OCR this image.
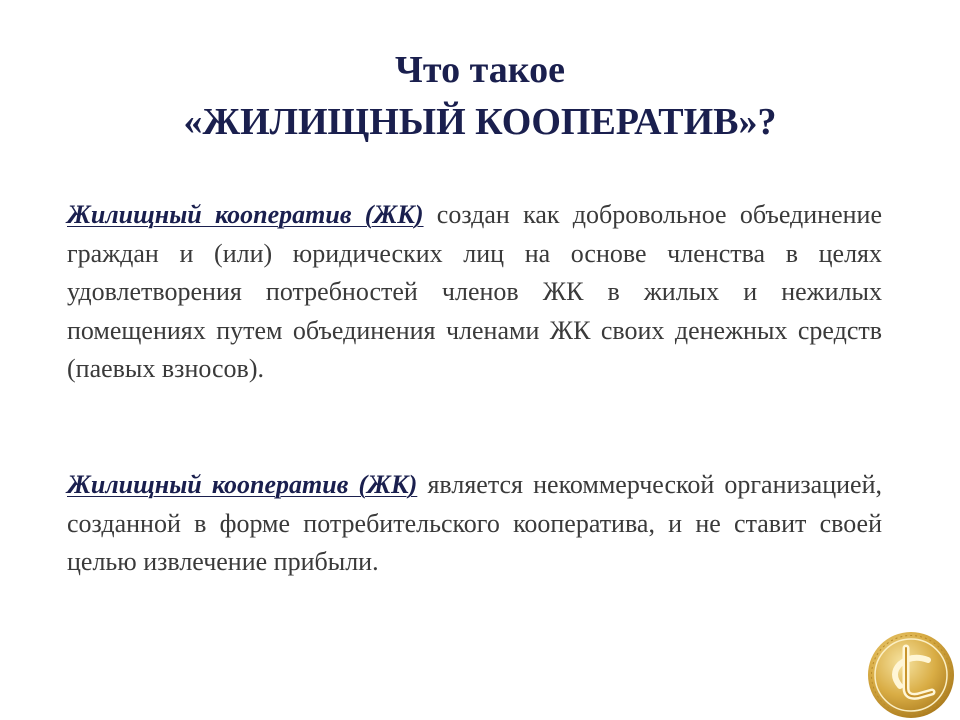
Что такое
«ЖИЛИЩНЫЙ КООПЕРАТИВ»?
Жилищный кооператив (ЖК) создан как добровольное объединение граждан и (или) юридических лиц на основе членства в целях удовлетворения потребностей членов ЖК в жилых и нежилых помещениях путем объединения членами ЖК своих денежных средств (паевых взносов).
Жилищный кооператив (ЖК) является некоммерческой организацией, созданной в форме потребительского кооператива, и не ставит своей целью извлечение прибыли.
